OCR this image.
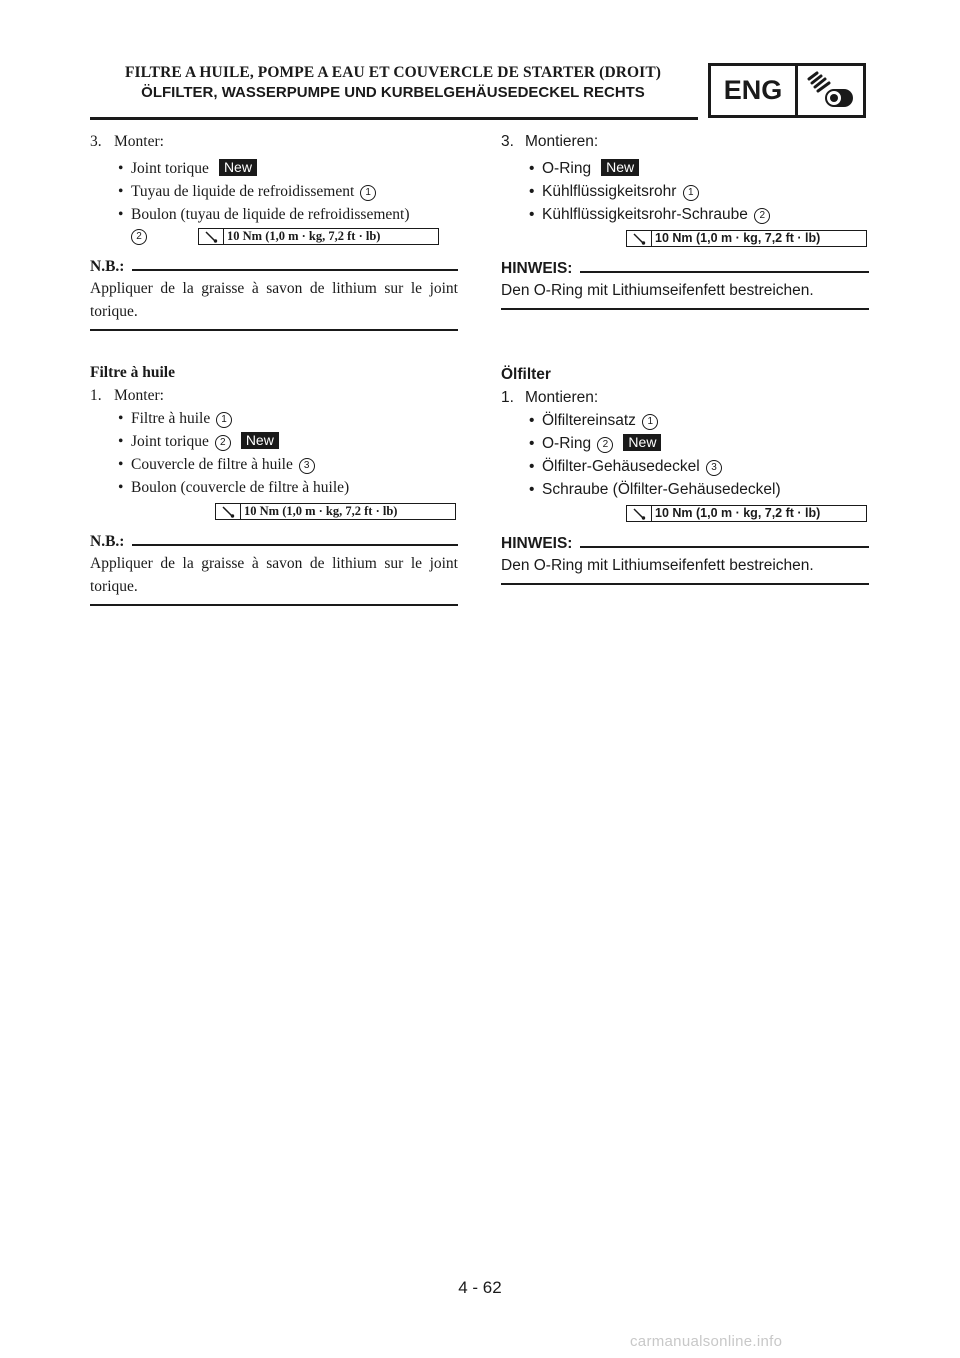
FILTRE A HUILE, POMPE A EAU ET COUVERCLE DE STARTER (DROIT)
ÖLFILTER, WASSERPUMPE UND KURBELGEHÄUSEDECKEL RECHTS	ENG
3. Monter:
• Joint torique New
• Tuyau de liquide de refroidissement 1
• Boulon (tuyau de liquide de refroidissement)
2	10 Nm (1,0 m · kg, 7,2 ft · lb)
N.B.:

Appliquer de la graisse à savon de lithium sur le joint torique.

Filtre à huile
1. Monter:
• Filtre à huile 1
• Joint torique 2 New
• Couvercle de filtre à huile 3
• Boulon (couvercle de filtre à huile)
10 Nm (1,0 m · kg, 7,2 ft · lb)
N.B.:

Appliquer de la graisse à savon de lithium sur le joint torique.

3. Montieren:
• O-Ring New
• Kühlflüssigkeitsrohr 1
• Kühlflüssigkeitsrohr-Schraube 2
10 Nm (1,0 m · kg, 7,2 ft · lb)
HINWEIS:

Den O-Ring mit Lithiumseifenfett bestreichen.

Ölfilter
1. Montieren:
• Ölfiltereinsatz 1
• O-Ring 2 New
• Ölfilter-Gehäusedeckel 3
• Schraube (Ölfilter-Gehäusedeckel)
10 Nm (1,0 m · kg, 7,2 ft · lb)
HINWEIS:

Den O-Ring mit Lithiumseifenfett bestreichen.

4 - 62
carmanualsonline.info
